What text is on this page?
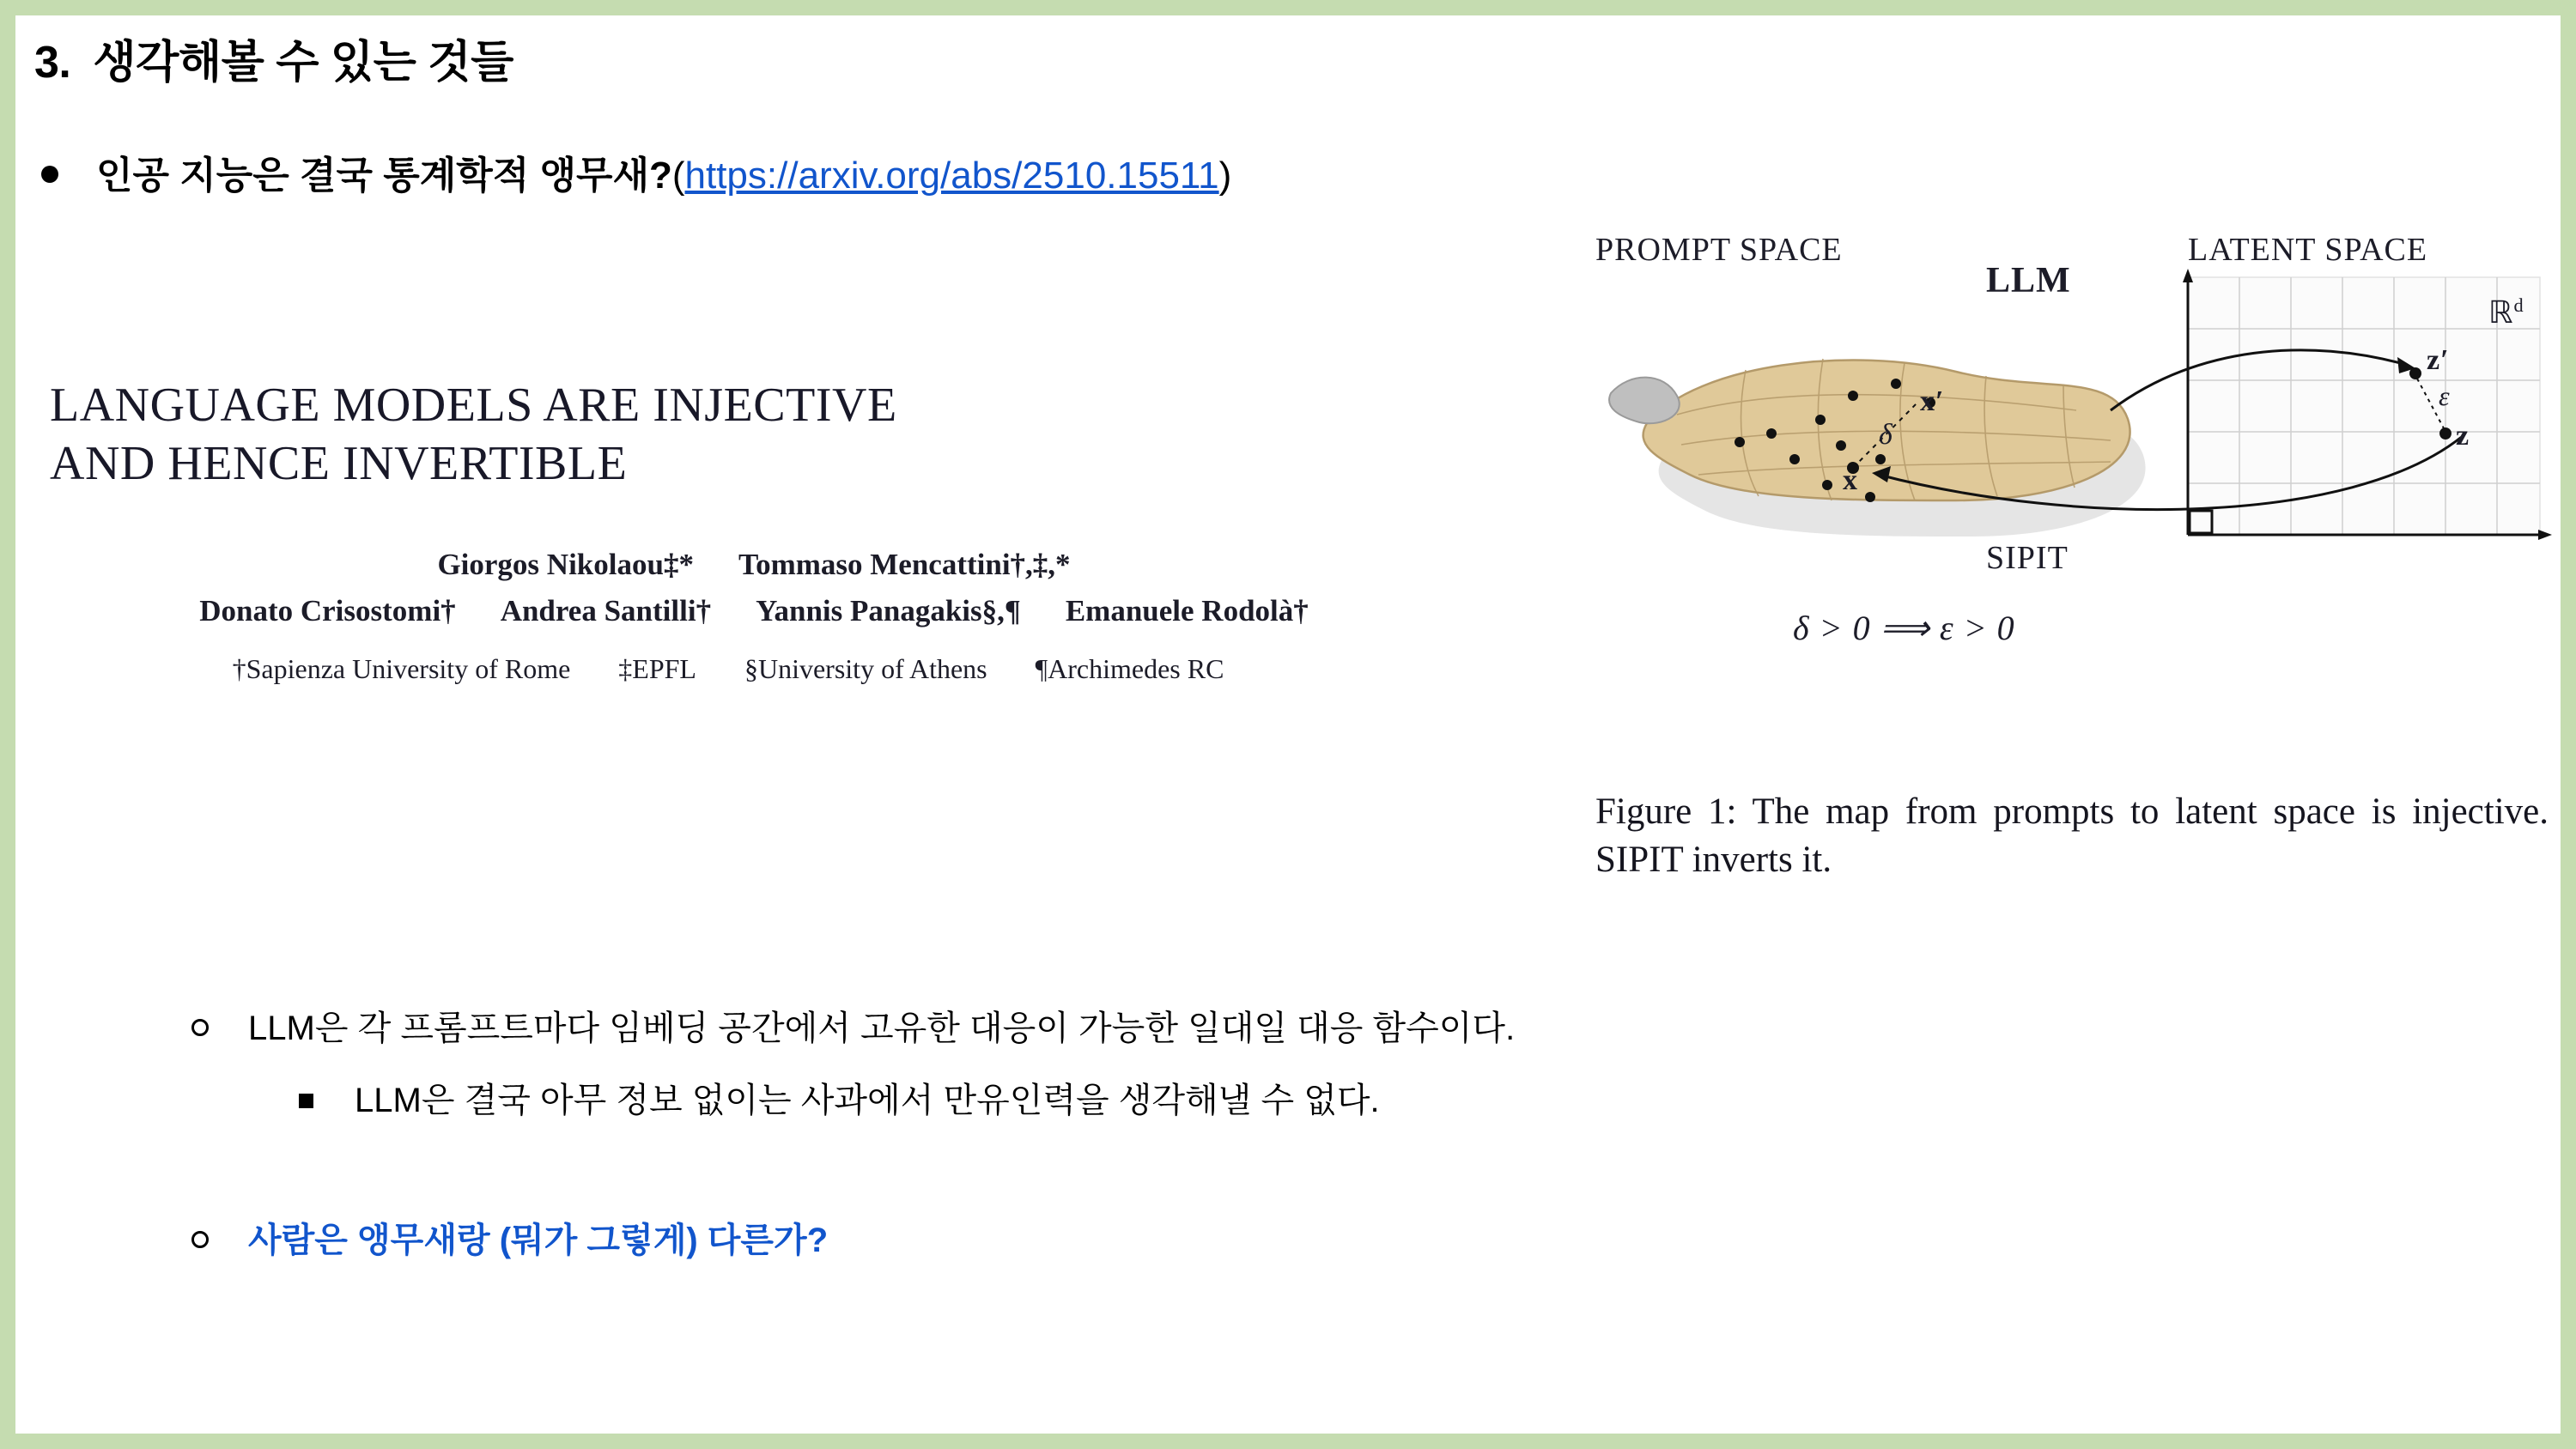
3. 생각해볼 수 있는 것들
인공 지능은 결국 통계학적 앵무새?(https://arxiv.org/abs/2510.15511)
LANGUAGE MODELS ARE INJECTIVE
AND HENCE INVERTIBLE
Giorgos Nikolaou‡* Tommaso Mencattini†,‡,*
Donato Crisostomi† Andrea Santilli† Yannis Panagakis§,¶ Emanuele Rodolà†
†Sapienza University of Rome ‡EPFL §University of Athens ¶Archimedes RC
PROMPT SPACE	LATENT SPACE
LLM
SIPIT
ℝ$^d$
x
x′
δ
z′
z
ε
δ > 0 ⟹ ε > 0
Figure 1: The map from prompts to latent space is injective. SIPIT inverts it.
LLM은 각 프롬프트마다 임베딩 공간에서 고유한 대응이 가능한 일대일 대응 함수이다.
LLM은 결국 아무 정보 없이는 사과에서 만유인력을 생각해낼 수 없다.
사람은 앵무새랑 (뭐가 그렇게) 다른가?
